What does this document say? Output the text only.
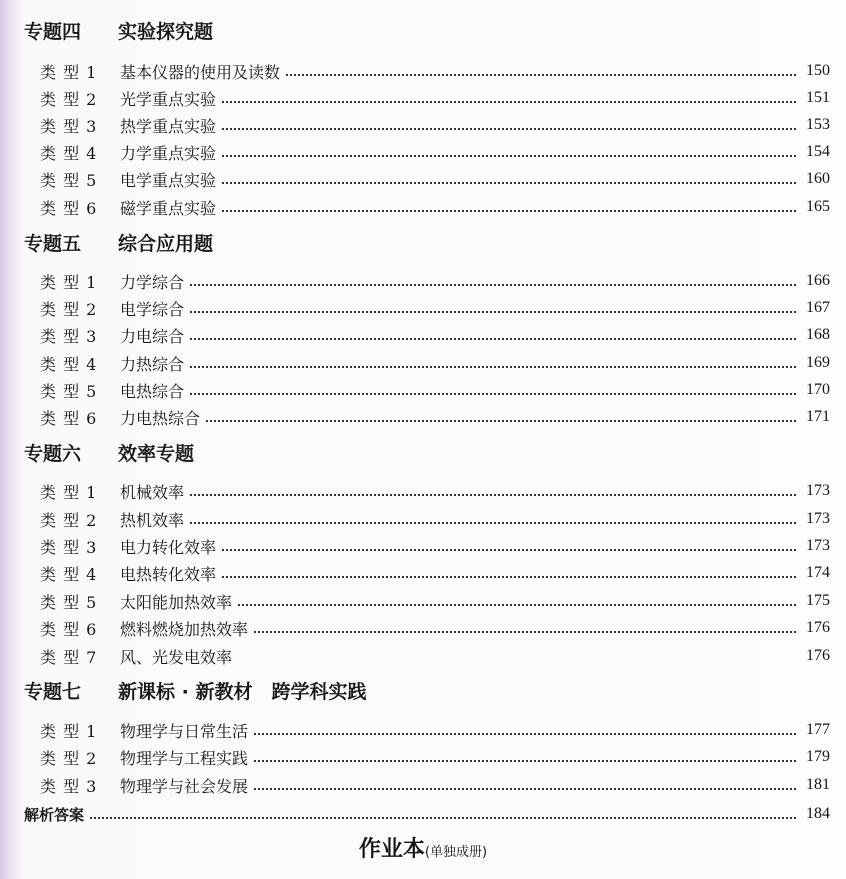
专题四 实验探究题
类 型 1	基本仪器的使用及读数	150
类 型 2	光学重点实验	151
类 型 3	热学重点实验	153
类 型 4	力学重点实验	154
类 型 5	电学重点实验	160
类 型 6	磁学重点实验	165
专题五 综合应用题
类 型 1	力学综合	166
类 型 2	电学综合	167
类 型 3	力电综合	168
类 型 4	力热综合	169
类 型 5	电热综合	170
类 型 6	力电热综合	171
专题六 效率专题
类 型 1	机械效率	173
类 型 2	热机效率	173
类 型 3	电力转化效率	173
类 型 4	电热转化效率	174
类 型 5	太阳能加热效率	175
类 型 6	燃料燃烧加热效率	176
类 型 7	风、光发电效率	176
专题七 新课标 · 新教材　跨学科实践
类 型 1	物理学与日常生活	177
类 型 2	物理学与工程实践	179
类 型 3	物理学与社会发展	181
解析答案	184
作业本(单独成册)
